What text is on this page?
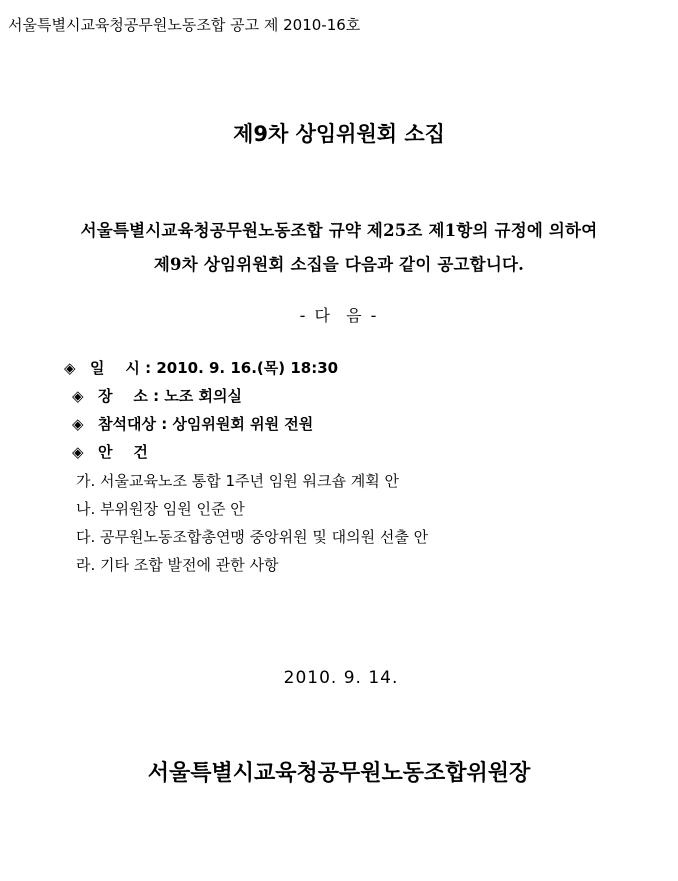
서울특별시교육청공무원노동조합 공고 제 2010-16호
제9차 상임위원회 소집
서울특별시교육청공무원노동조합 규약 제25조 제1항의 규정에 의하여
제9차 상임위원회 소집을 다음과 같이 공고합니다.
- 다  음 -
◈ 일    시 : 2010. 9. 16.(목) 18:30
◈ 장    소 : 노조 회의실
◈ 참석대상 : 상임위원회 위원 전원
◈ 안    건
가. 서울교육노조 통합 1주년 임원 워크숍 계획 안
나. 부위원장 임원 인준 안
다. 공무원노동조합총연맹 중앙위원 및 대의원 선출 안
라. 기타 조합 발전에 관한 사항
2010. 9. 14.
서울특별시교육청공무원노동조합위원장
